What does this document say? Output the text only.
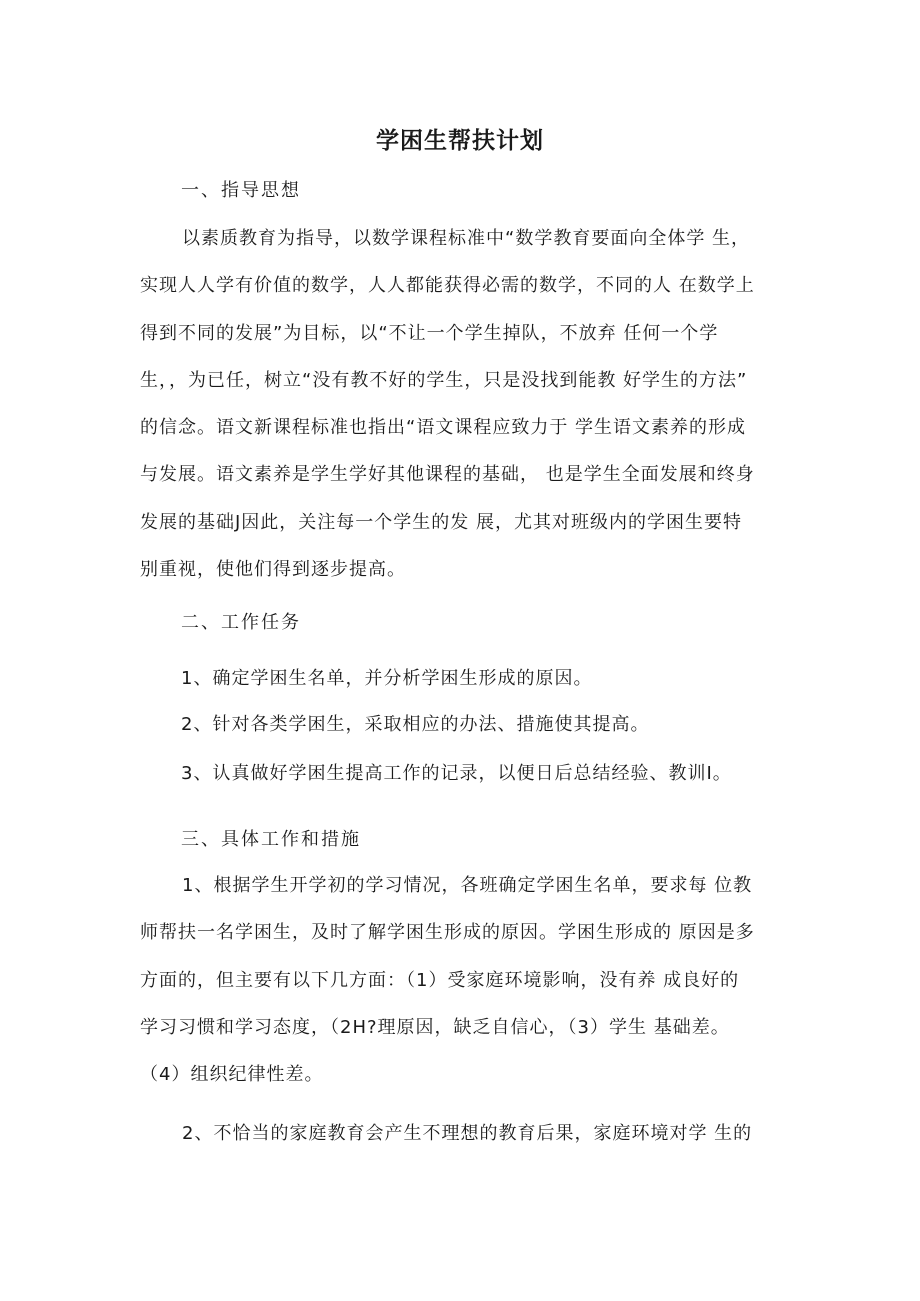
学困生帮扶计划
一、指导思想
以素质教育为指导，以数学课程标准中“数学教育要面向全体学 生，
实现人人学有价值的数学，人人都能获得必需的数学，不同的人 在数学上
得到不同的发展”为目标，以“不让一个学生掉队，不放弃 任何一个学
生，，为已任，树立“没有教不好的学生，只是没找到能教 好学生的方法”
的信念。语文新课程标准也指出“语文课程应致力于 学生语文素养的形成
与发展。语文素养是学生学好其他课程的基础， 也是学生全面发展和终身
发展的基础J因此，关注每一个学生的发 展，尤其对班级内的学困生要特
别重视，使他们得到逐步提高。
二、工作任务
1、确定学困生名单，并分析学困生形成的原因。
2、针对各类学困生，采取相应的办法、措施使其提高。
3、认真做好学困生提高工作的记录，以便日后总结经验、教训I。
三、具体工作和措施
1、根据学生开学初的学习情况，各班确定学困生名单，要求每 位教
师帮扶一名学困生，及时了解学困生形成的原因。学困生形成的 原因是多
方面的，但主要有以下几方面：（1）受家庭环境影响，没有养 成良好的
学习习惯和学习态度，（2H?理原因，缺乏自信心，（3）学生 基础差。
（4）组织纪律性差。
2、不恰当的家庭教育会产生不理想的教育后果，家庭环境对学 生的
